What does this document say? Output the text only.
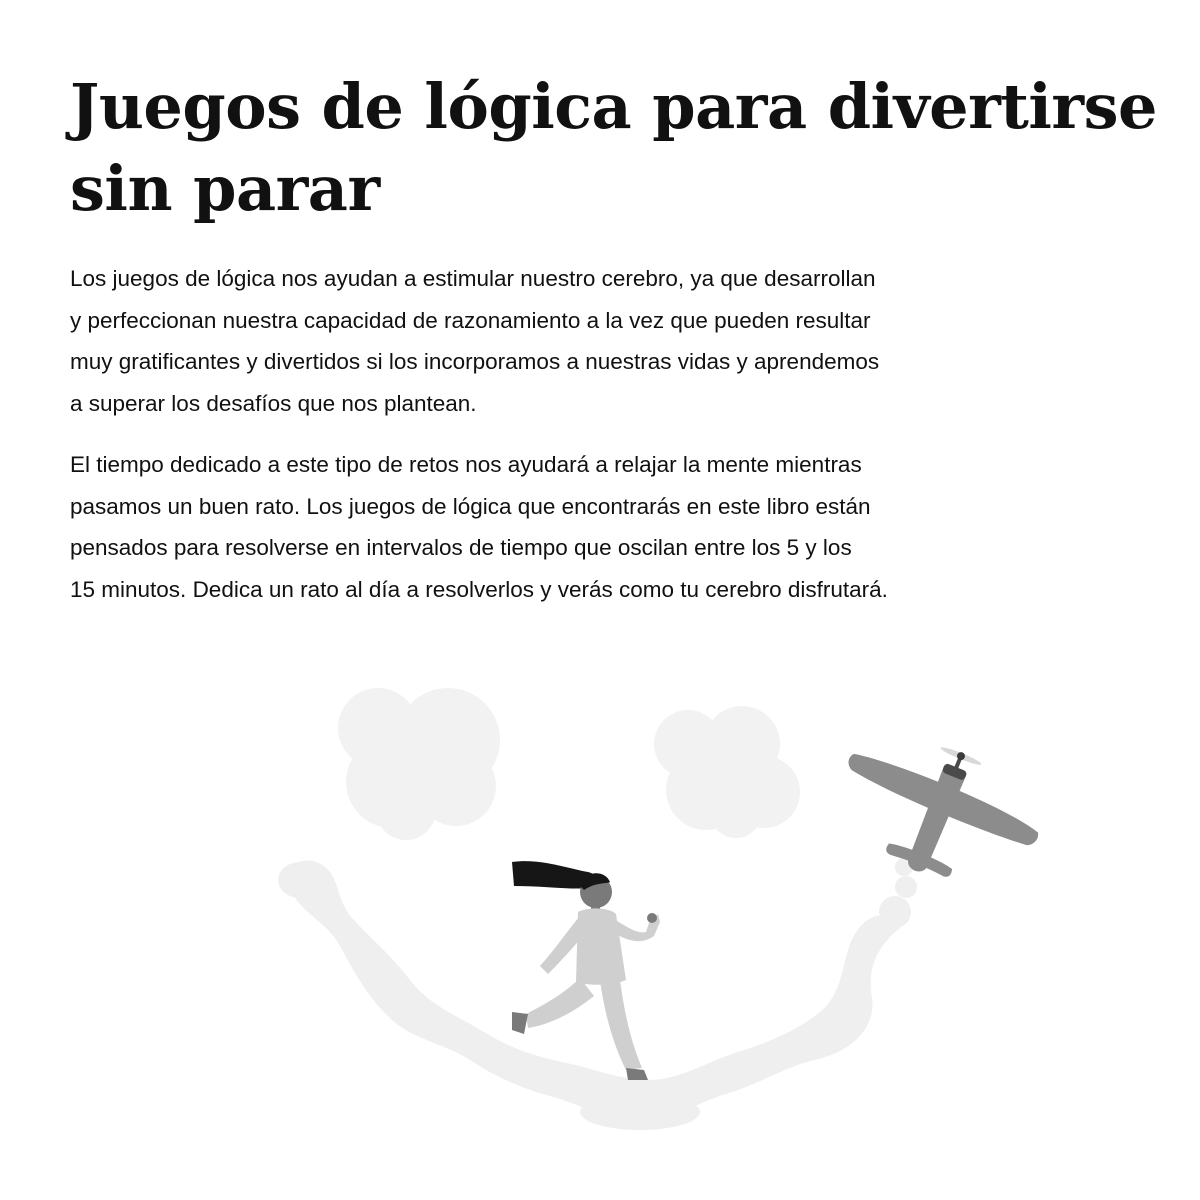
Juegos de lógica para divertirse
sin parar

Los juegos de lógica nos ayudan a estimular nuestro cerebro, ya que desarrollan
y perfeccionan nuestra capacidad de razonamiento a la vez que pueden resultar
muy gratificantes y divertidos si los incorporamos a nuestras vidas y aprendemos
a superar los desafíos que nos plantean.

El tiempo dedicado a este tipo de retos nos ayudará a relajar la mente mientras
pasamos un buen rato. Los juegos de lógica que encontrarás en este libro están
pensados para resolverse en intervalos de tiempo que oscilan entre los 5 y los
15 minutos. Dedica un rato al día a resolverlos y verás como tu cerebro disfrutará.
